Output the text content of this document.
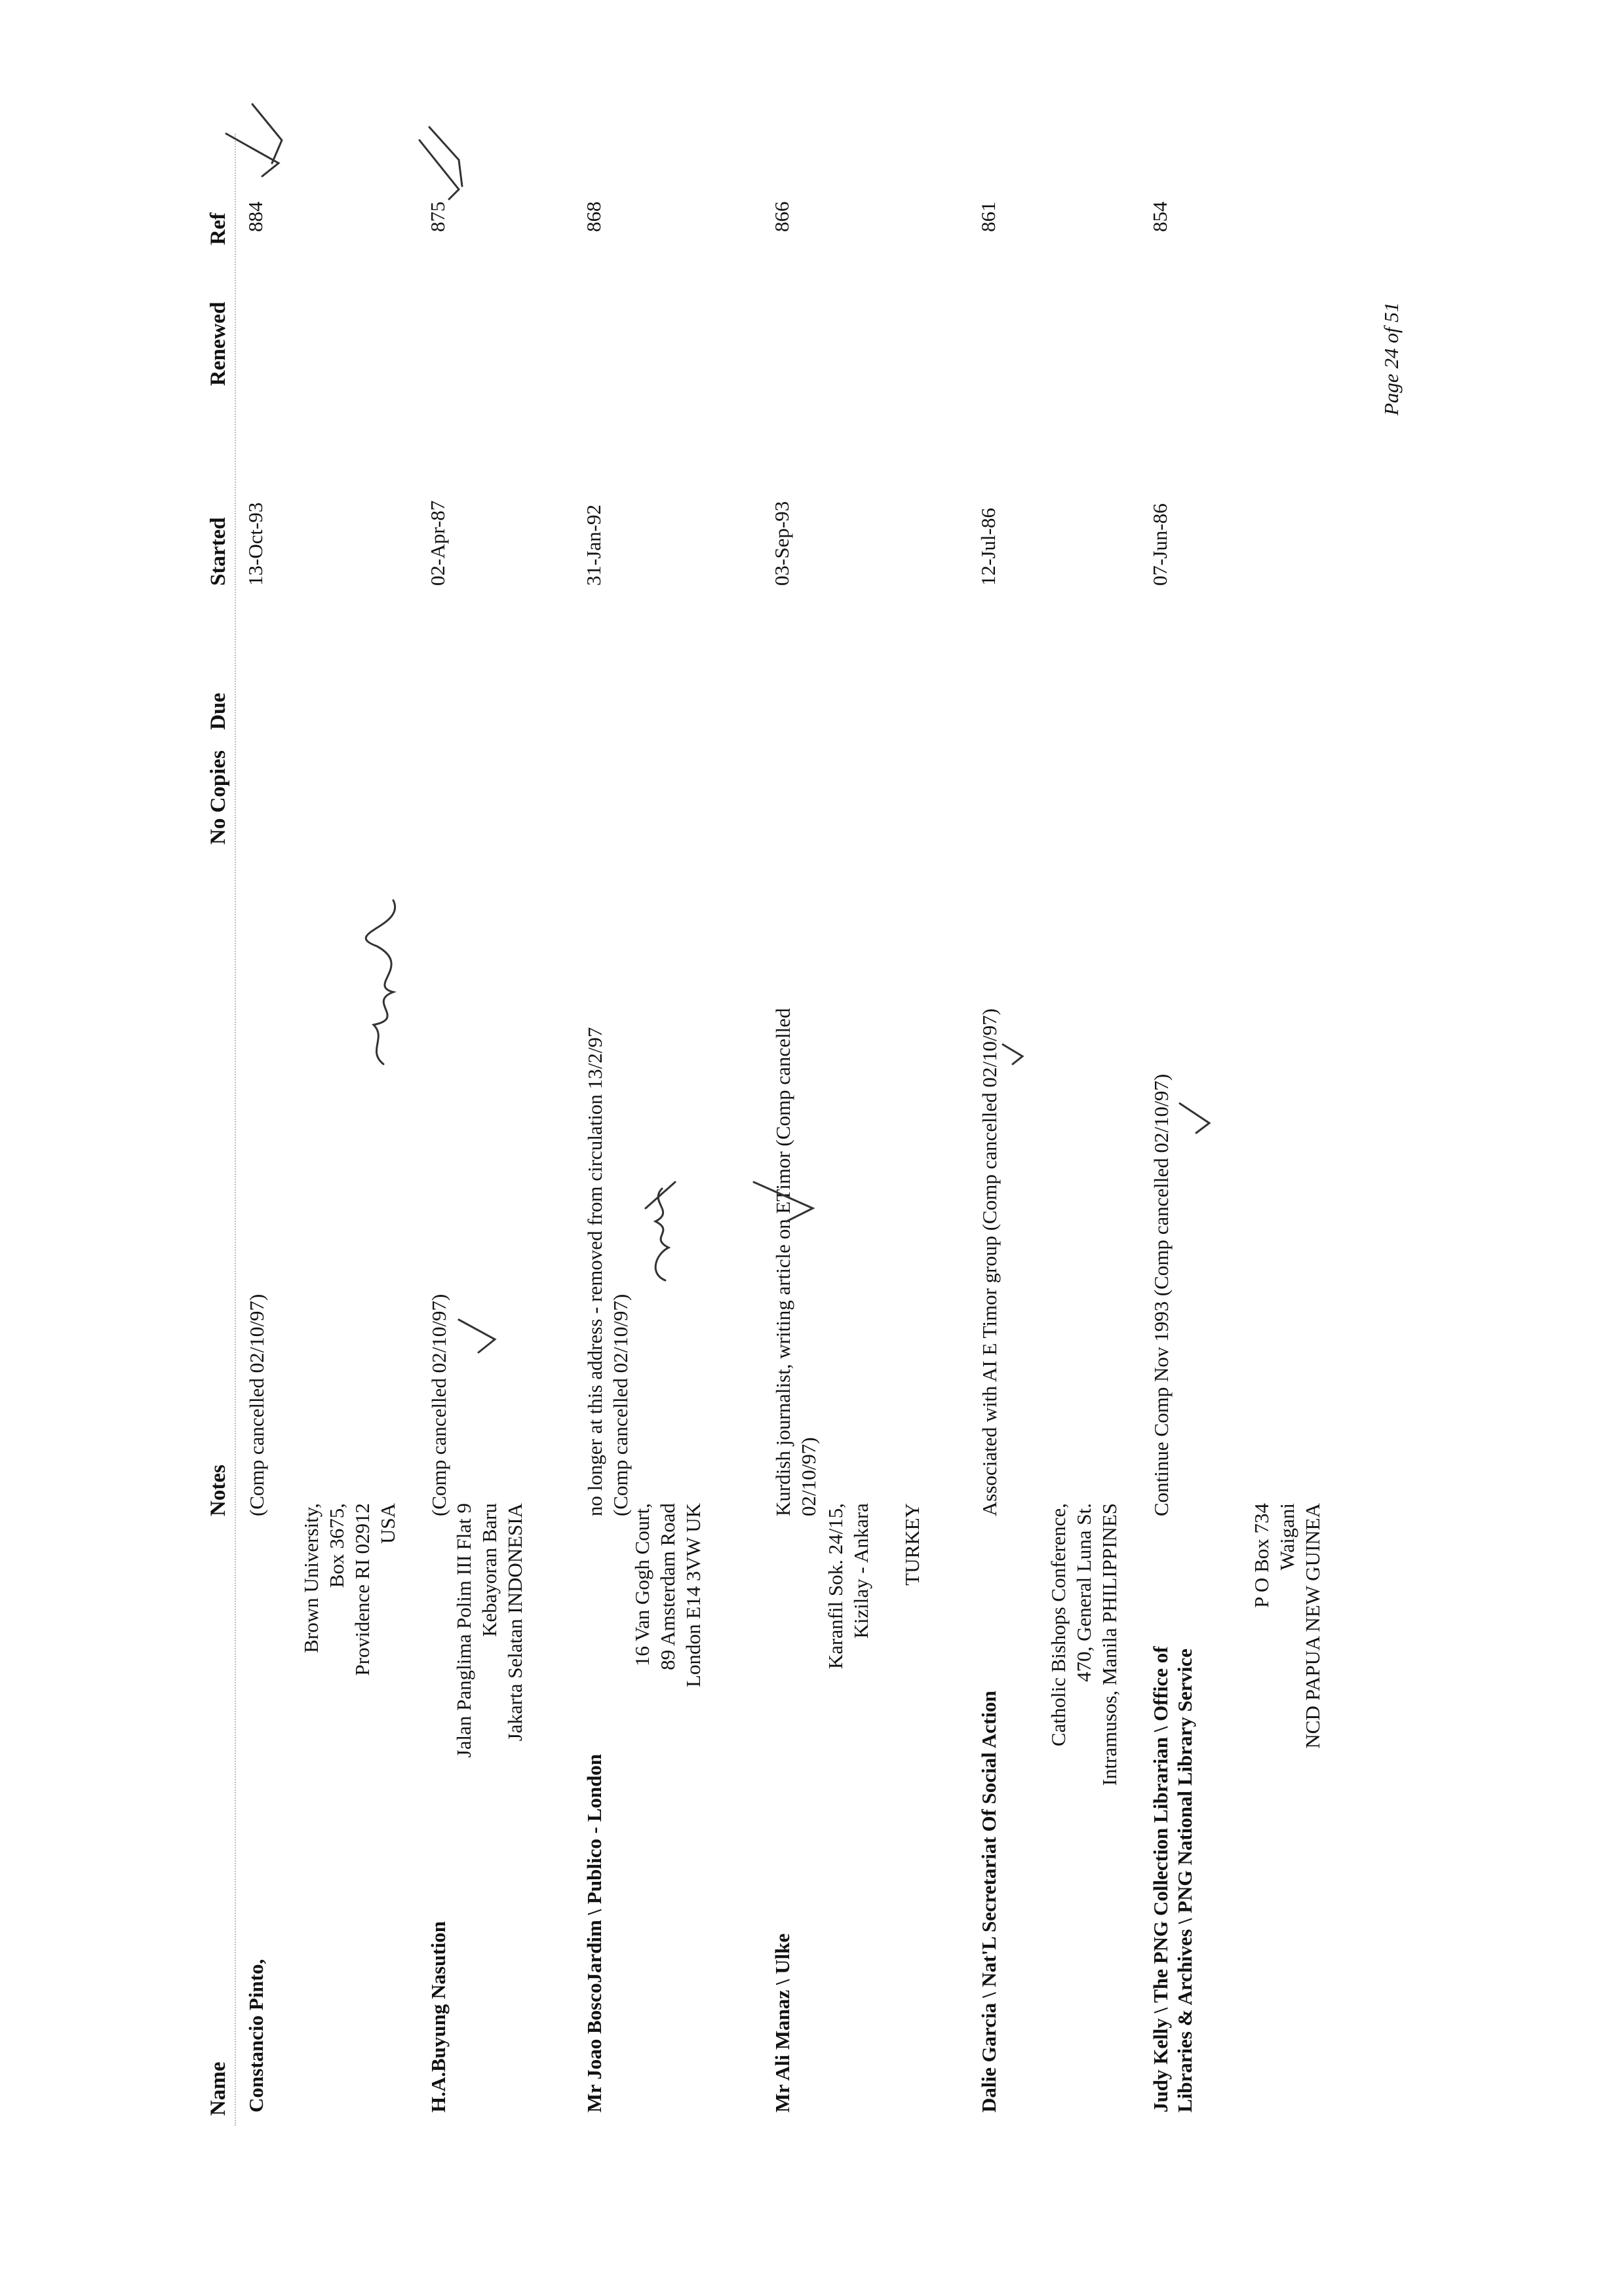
Name
Notes
No Copies
Due
Started
Renewed
Ref
Constancio Pinto,
Brown University, Box 3675, Providence RI 02912 USA
(Comp cancelled 02/10/97)
13-Oct-93
884
H.A.Buyung Nasution
Jalan Panglima Polim III Flat 9 Kebayoran Baru Jakarta Selatan INDONESIA
(Comp cancelled 02/10/97)
02-Apr-87
875
Mr Joao BoscoJardim \ Publico - London
16 Van Gogh Court, 89 Amsterdam Road London E14 3VW UK
no longer at this address - removed from circulation 13/2/97 (Comp cancelled 02/10/97)
31-Jan-92
868
Mr Ali Manaz \ Ulke
Karanfil Sok. 24/15, Kizilay - Ankara TURKEY
Kurdish journalist, writing article on ETimor (Comp cancelled 02/10/97)
03-Sep-93
866
Dalie Garcia \ Nat'L Secretariat Of Social Action
Catholic Bishops Conference, 470, General Luna St. Intramusos, Manila PHILIPPINES
Associated with AI E Timor group (Comp cancelled 02/10/97)
12-Jul-86
861
Judy Kelly \ The PNG Collection Librarian \ Office of Libraries & Archives \ PNG National Library Service
P O Box 734 Waigani NCD PAPUA NEW GUINEA
Continue Comp Nov 1993 (Comp cancelled 02/10/97)
07-Jun-86
854
Page 24 of 51
